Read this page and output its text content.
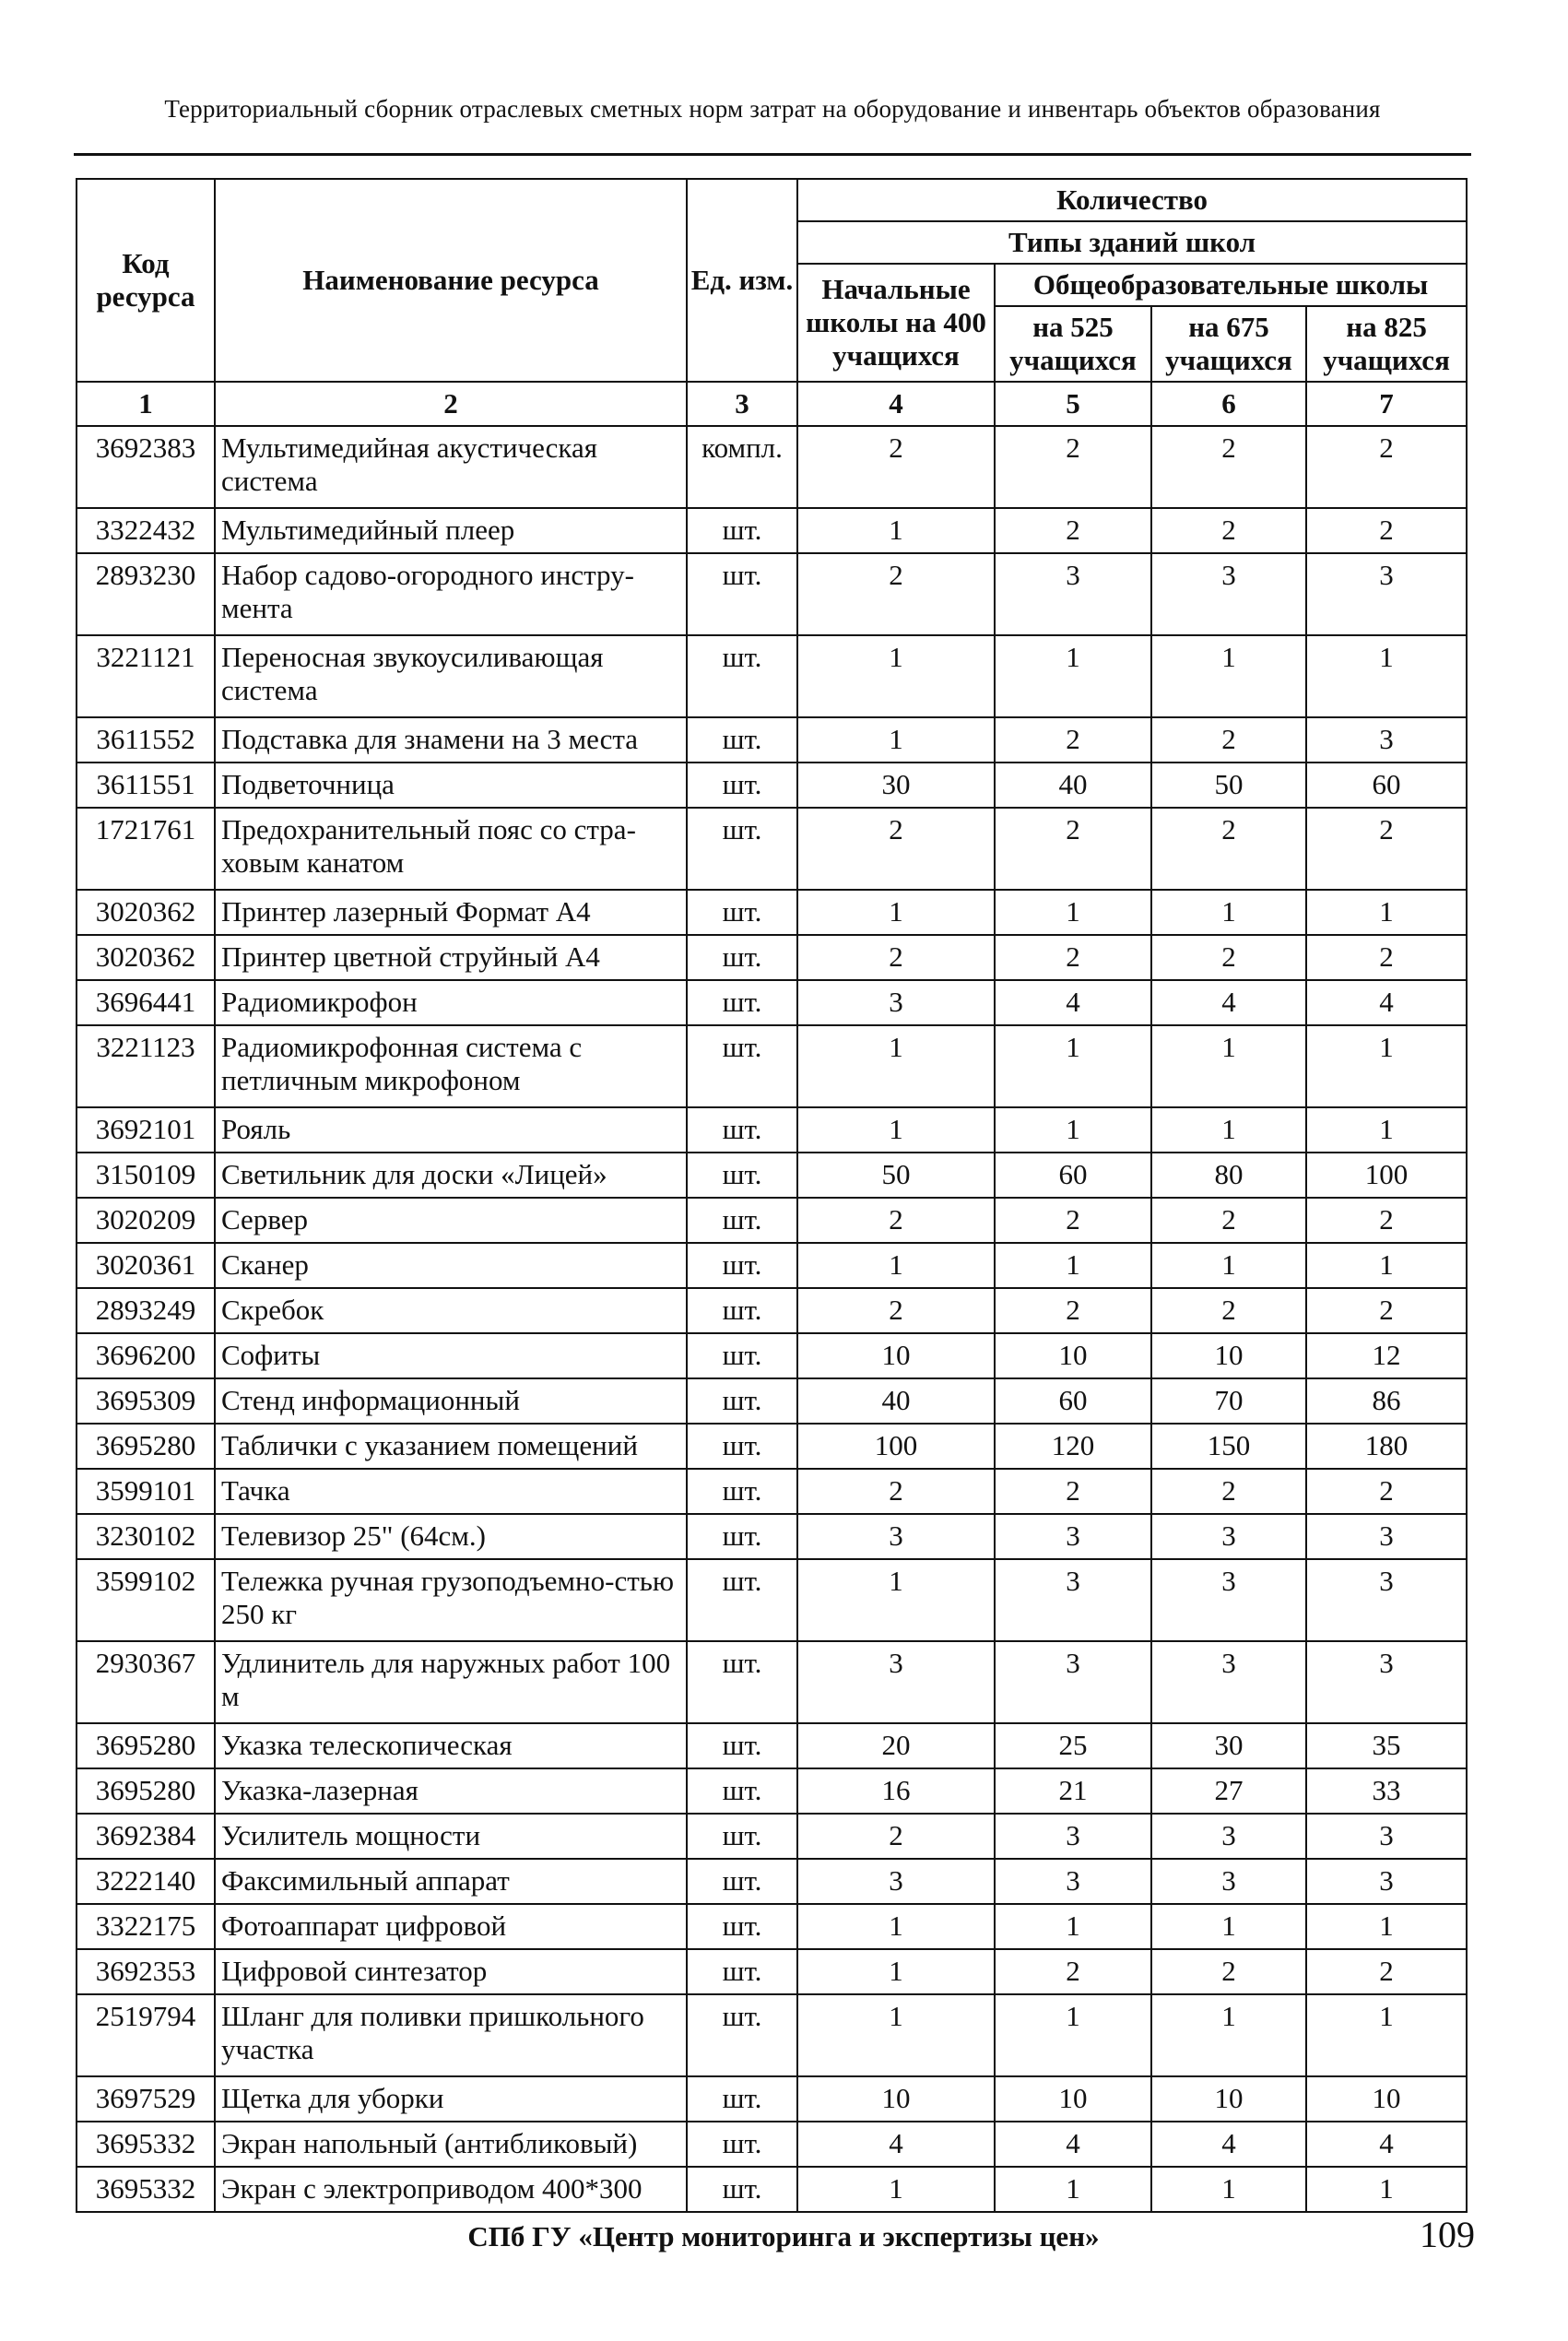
Территориальный сборник отраслевых сметных норм затрат на оборудование и инвентарь объектов образования
Код ресурса	Наименование ресурса	Ед. изм.	Количество			
			Типы зданий школ			
			Начальные школы на 400 учащихся	Общеобразовательные школы		
				на 525 учащихся	на 675 учащихся	на 825 учащихся
1	2	3	4	5	6	7
3692383	Мультимедийная акустическая система	компл.	2	2	2	2
3322432	Мультимедийный плеер	шт.	1	2	2	2
2893230	Набор садово-огородного инстру-мента	шт.	2	3	3	3
3221121	Переносная звукоусиливающая система	шт.	1	1	1	1
3611552	Подставка для знамени на 3 места	шт.	1	2	2	3
3611551	Подветочница	шт.	30	40	50	60
1721761	Предохранительный пояс со стра-ховым канатом	шт.	2	2	2	2
3020362	Принтер лазерный Формат А4	шт.	1	1	1	1
3020362	Принтер цветной струйный А4	шт.	2	2	2	2
3696441	Радиомикрофон	шт.	3	4	4	4
3221123	Радиомикрофонная система с петличным микрофоном	шт.	1	1	1	1
3692101	Рояль	шт.	1	1	1	1
3150109	Светильник для доски «Лицей»	шт.	50	60	80	100
3020209	Сервер	шт.	2	2	2	2
3020361	Сканер	шт.	1	1	1	1
2893249	Скребок	шт.	2	2	2	2
3696200	Софиты	шт.	10	10	10	12
3695309	Стенд информационный	шт.	40	60	70	86
3695280	Таблички с указанием помещений	шт.	100	120	150	180
3599101	Тачка	шт.	2	2	2	2
3230102	Телевизор 25" (64см.)	шт.	3	3	3	3
3599102	Тележка ручная грузоподъемно-стью 250 кг	шт.	1	3	3	3
2930367	Удлинитель для наружных работ 100 м	шт.	3	3	3	3
3695280	Указка телескопическая	шт.	20	25	30	35
3695280	Указка-лазерная	шт.	16	21	27	33
3692384	Усилитель мощности	шт.	2	3	3	3
3222140	Факсимильный аппарат	шт.	3	3	3	3
3322175	Фотоаппарат цифровой	шт.	1	1	1	1
3692353	Цифровой синтезатор	шт.	1	2	2	2
2519794	Шланг для поливки пришкольного участка	шт.	1	1	1	1
3697529	Щетка для уборки	шт.	10	10	10	10
3695332	Экран напольный (антибликовый)	шт.	4	4	4	4
3695332	Экран с электроприводом 400*300	шт.	1	1	1	1
СПб ГУ «Центр мониторинга и экспертизы цен»	109
